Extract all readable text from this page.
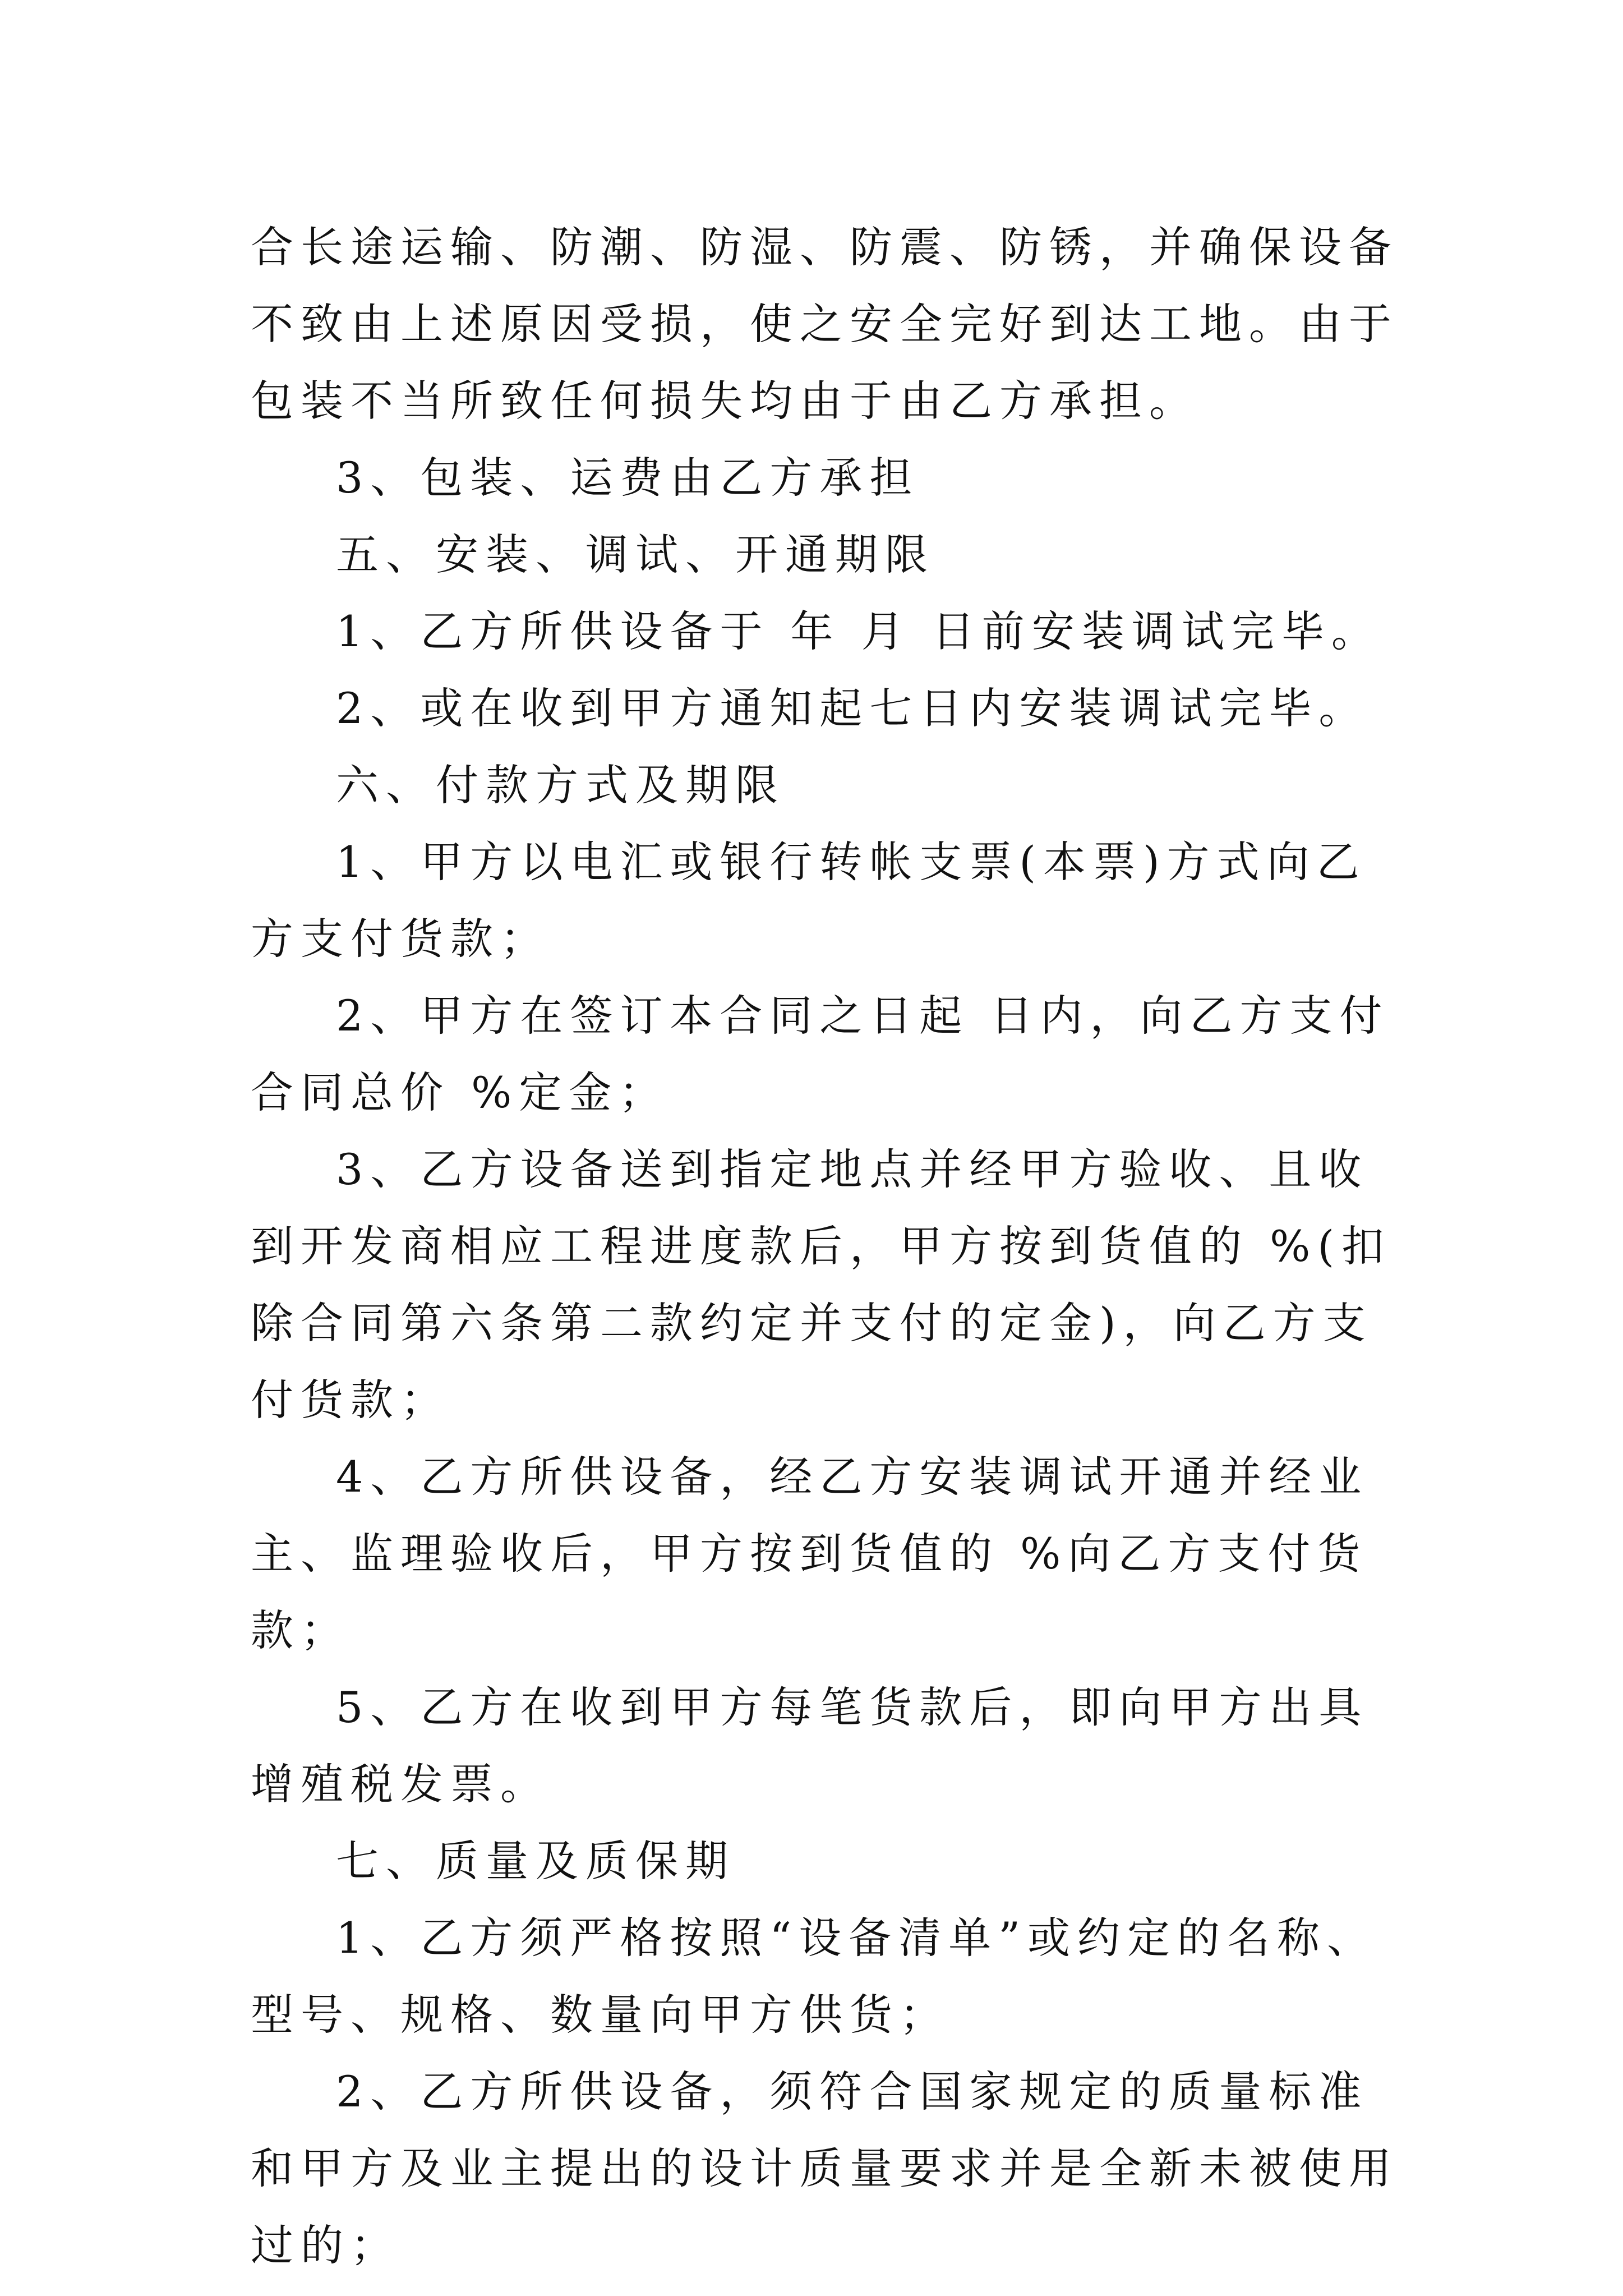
合长途运输、防潮、防湿、防震、防锈，并确保设备不致由上述原因受损，使之安全完好到达工地。由于包装不当所致任何损失均由于由乙方承担。

3、包装、运费由乙方承担

五、安装、调试、开通期限

1、乙方所供设备于 年 月 日前安装调试完毕。

2、或在收到甲方通知起七日内安装调试完毕。

六、付款方式及期限

1、甲方以电汇或银行转帐支票(本票)方式向乙方支付货款；

2、甲方在签订本合同之日起 日内，向乙方支付合同总价 %定金；

3、乙方设备送到指定地点并经甲方验收、且收到开发商相应工程进度款后，甲方按到货值的 %(扣除合同第六条第二款约定并支付的定金)，向乙方支付货款；

4、乙方所供设备，经乙方安装调试开通并经业主、监理验收后，甲方按到货值的 %向乙方支付货款；

5、乙方在收到甲方每笔货款后，即向甲方出具增殖税发票。

七、质量及质保期

1、乙方须严格按照“设备清单”或约定的名称、型号、规格、数量向甲方供货；

2、乙方所供设备，须符合国家规定的质量标准和甲方及业主提出的设计质量要求并是全新未被使用过的；
